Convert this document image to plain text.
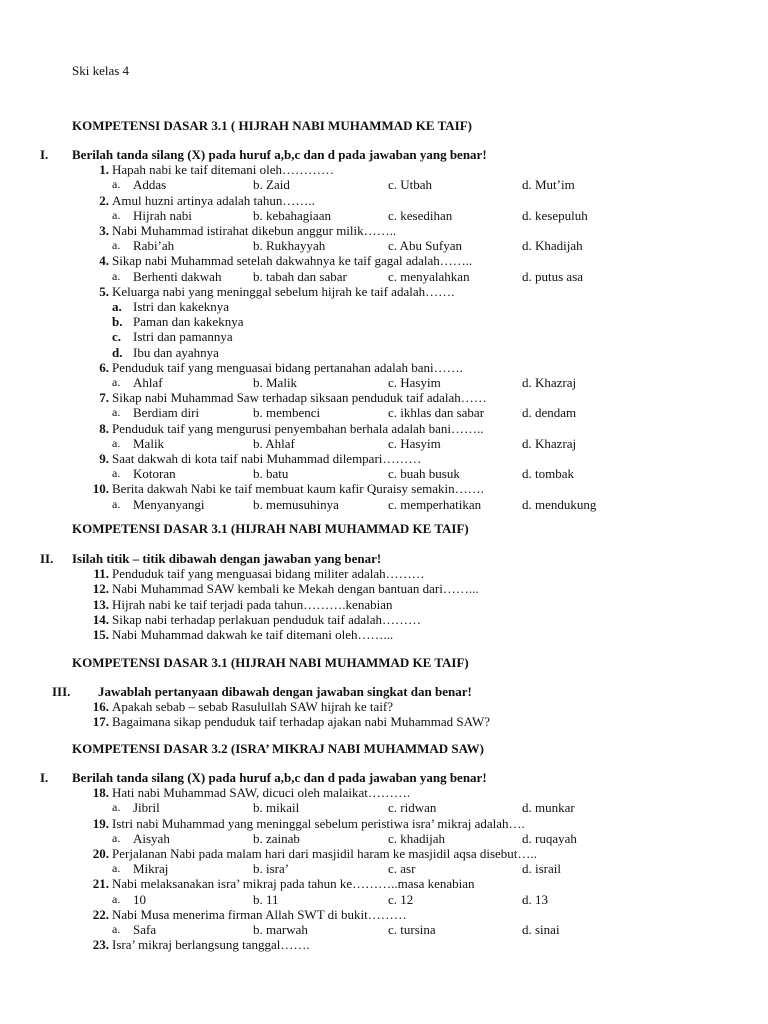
Ski kelas 4
KOMPETENSI DASAR 3.1 ( HIJRAH NABI MUHAMMAD KE TAIF)
I. Berilah tanda silang (X) pada huruf a,b,c dan d pada jawaban yang benar!
1. Hapah nabi ke taif ditemani oleh…………
a. Addas	b. Zaid	c. Utbah	d. Mut’im
2. Amul huzni artinya adalah tahun……..
a. Hijrah nabi	b. kebahagiaan	c. kesedihan	d. kesepuluh
3. Nabi Muhammad istirahat dikebun anggur milik……..
a. Rabi’ah	b. Rukhayyah	c. Abu Sufyan	d. Khadijah
4. Sikap nabi Muhammad setelah dakwahnya ke taif gagal adalah……..
a. Berhenti dakwah b. tabah dan sabar	c. menyalahkan	d. putus asa
5. Keluarga nabi yang meninggal sebelum hijrah ke taif adalah…….
a. Istri dan kakeknya
b. Paman dan kakeknya
c. Istri dan pamannya
d. Ibu dan ayahnya
6. Penduduk taif yang menguasai bidang pertanahan adalah bani…….
a. Ahlaf	b. Malik	c. Hasyim	d. Khazraj
7. Sikap nabi Muhammad Saw terhadap siksaan penduduk taif adalah……
a. Berdiam diri	b. membenci	c. ikhlas dan sabar	d. dendam
8. Penduduk taif yang mengurusi penyembahan berhala adalah bani……..
a. Malik	b. Ahlaf	c. Hasyim	d. Khazraj
9. Saat dakwah di kota taif nabi Muhammad dilempari………
a. Kotoran	b. batu	c. buah busuk	d. tombak
10. Berita dakwah Nabi ke taif membuat kaum kafir Quraisy semakin…….
a. Menyanyangi	b. memusuhinya	c. memperhatikan	d. mendukung
KOMPETENSI DASAR 3.1 (HIJRAH NABI MUHAMMAD KE TAIF)
II. Isilah titik – titik dibawah dengan jawaban yang benar!
11. Penduduk taif yang menguasai bidang militer adalah………
12. Nabi Muhammad SAW kembali ke Mekah dengan bantuan dari……...
13. Hijrah nabi ke taif terjadi pada tahun……….kenabian
14. Sikap nabi terhadap perlakuan penduduk taif adalah………
15. Nabi Muhammad dakwah ke taif ditemani oleh……...
KOMPETENSI DASAR 3.1 (HIJRAH NABI MUHAMMAD KE TAIF)
III. Jawablah pertanyaan dibawah dengan jawaban singkat dan benar!
16. Apakah sebab – sebab Rasulullah SAW hijrah ke taif?
17. Bagaimana sikap penduduk taif terhadap ajakan nabi Muhammad SAW?
KOMPETENSI DASAR 3.2 (ISRA’ MIKRAJ NABI MUHAMMAD SAW)
I. Berilah tanda silang (X) pada huruf a,b,c dan d pada jawaban yang benar!
18. Hati nabi Muhammad SAW, dicuci oleh malaikat……….
a. Jibril	b. mikail	c. ridwan	d. munkar
19. Istri nabi Muhammad yang meninggal sebelum peristiwa isra’ mikraj adalah….
a. Aisyah	b. zainab	c. khadijah	d. ruqayah
20. Perjalanan Nabi pada malam hari dari masjidil haram ke masjidil aqsa disebut…..
a. Mikraj	b. isra’	c. asr	d. israil
21. Nabi melaksanakan isra’ mikraj pada tahun ke………..masa kenabian
a. 10	b. 11	c. 12	d. 13
22. Nabi Musa menerima firman Allah SWT di bukit………
a. Safa	b. marwah	c. tursina	d. sinai
23. Isra’ mikraj berlangsung tanggal…….
